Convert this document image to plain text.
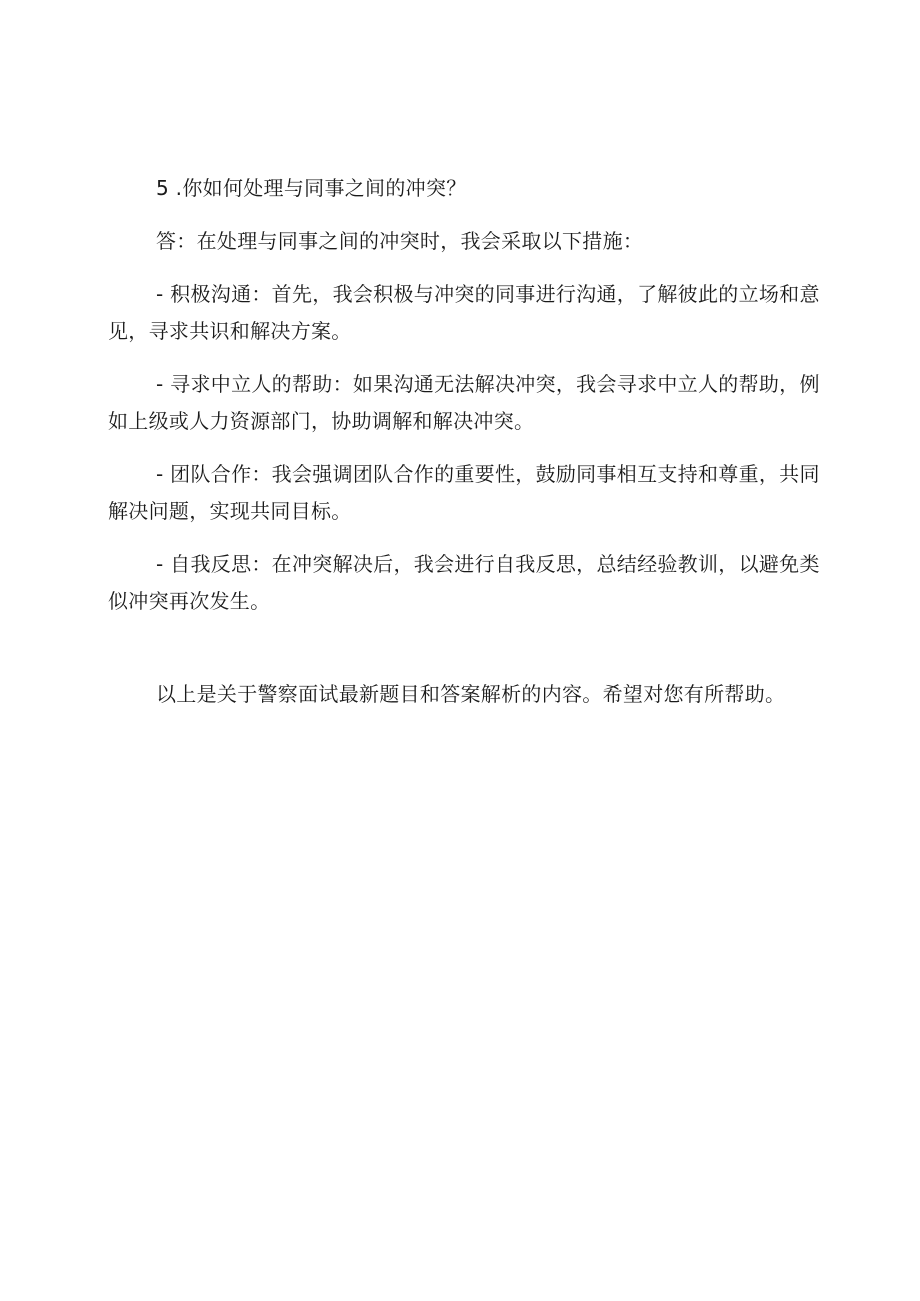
5 .你如何处理与同事之间的冲突？

答：在处理与同事之间的冲突时，我会采取以下措施：

- 积极沟通：首先，我会积极与冲突的同事进行沟通，了解彼此的立场和意见，寻求共识和解决方案。

- 寻求中立人的帮助：如果沟通无法解决冲突，我会寻求中立人的帮助，例如上级或人力资源部门，协助调解和解决冲突。

- 团队合作：我会强调团队合作的重要性，鼓励同事相互支持和尊重，共同解决问题，实现共同目标。

- 自我反思：在冲突解决后，我会进行自我反思，总结经验教训，以避免类似冲突再次发生。

以上是关于警察面试最新题目和答案解析的内容。希望对您有所帮助。
